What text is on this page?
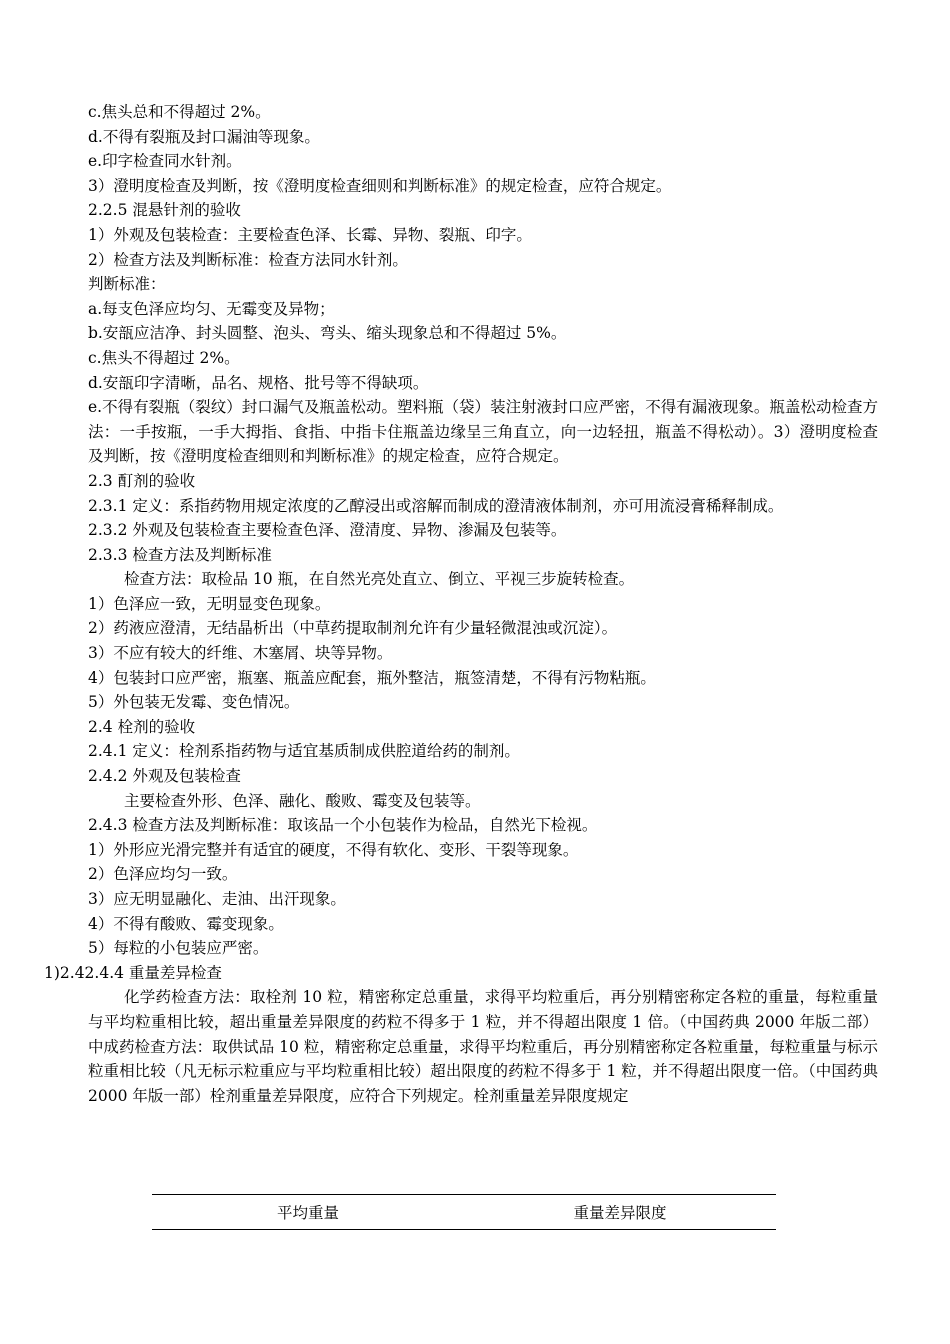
c.焦头总和不得超过 2%。

d.不得有裂瓶及封口漏油等现象。

e.印字检查同水针剂。

3）澄明度检查及判断，按《澄明度检查细则和判断标准》的规定检查，应符合规定。

2.2.5 混悬针剂的验收

1）外观及包装检查：主要检查色泽、长霉、异物、裂瓶、印字。

2）检查方法及判断标准：检查方法同水针剂。

判断标准：

a.每支色泽应均匀、无霉变及异物；

b.安瓿应洁净、封头圆整、泡头、弯头、缩头现象总和不得超过 5%。

c.焦头不得超过 2%。

d.安瓿印字清晰，品名、规格、批号等不得缺项。

e.不得有裂瓶（裂纹）封口漏气及瓶盖松动。塑料瓶（袋）装注射液封口应严密，不得有漏液现象。瓶盖松动检查方法：一手按瓶，一手大拇指、食指、中指卡住瓶盖边缘呈三角直立，向一边轻扭，瓶盖不得松动）。3）澄明度检查及判断，按《澄明度检查细则和判断标准》的规定检查，应符合规定。

2.3 酊剂的验收

2.3.1 定义：系指药物用规定浓度的乙醇浸出或溶解而制成的澄清液体制剂，亦可用流浸膏稀释制成。

2.3.2 外观及包装检查主要检查色泽、澄清度、异物、渗漏及包装等。

2.3.3 检查方法及判断标准

检查方法：取检品 10 瓶，在自然光亮处直立、倒立、平视三步旋转检查。

1）色泽应一致，无明显变色现象。

2）药液应澄清，无结晶析出（中草药提取制剂允许有少量轻微混浊或沉淀）。

3）不应有较大的纤维、木塞屑、块等异物。

4）包装封口应严密，瓶塞、瓶盖应配套，瓶外整洁，瓶签清楚，不得有污物粘瓶。

5）外包装无发霉、变色情况。

2.4 栓剂的验收

2.4.1 定义：栓剂系指药物与适宜基质制成供腔道给药的制剂。

2.4.2 外观及包装检查

主要检查外形、色泽、融化、酸败、霉变及包装等。

2.4.3 检查方法及判断标准：取该品一个小包装作为检品，自然光下检视。

1）外形应光滑完整并有适宜的硬度，不得有软化、变形、干裂等现象。

2）色泽应均匀一致。

3）应无明显融化、走油、出汗现象。

4）不得有酸败、霉变现象。

5）每粒的小包装应严密。

1)2.42.4.4 重量差异检查

化学药检查方法：取栓剂 10 粒，精密称定总重量，求得平均粒重后，再分别精密称定各粒的重量，每粒重量与平均粒重相比较，超出重量差异限度的药粒不得多于 1 粒，并不得超出限度 1 倍。（中国药典 2000 年版二部）中成药检查方法：取供试品 10 粒，精密称定总重量，求得平均粒重后，再分别精密称定各粒重量，每粒重量与标示粒重相比较（凡无标示粒重应与平均粒重相比较）超出限度的药粒不得多于 1 粒，并不得超出限度一倍。（中国药典 2000 年版一部）栓剂重量差异限度，应符合下列规定。栓剂重量差异限度规定

平均重量	重量差异限度
